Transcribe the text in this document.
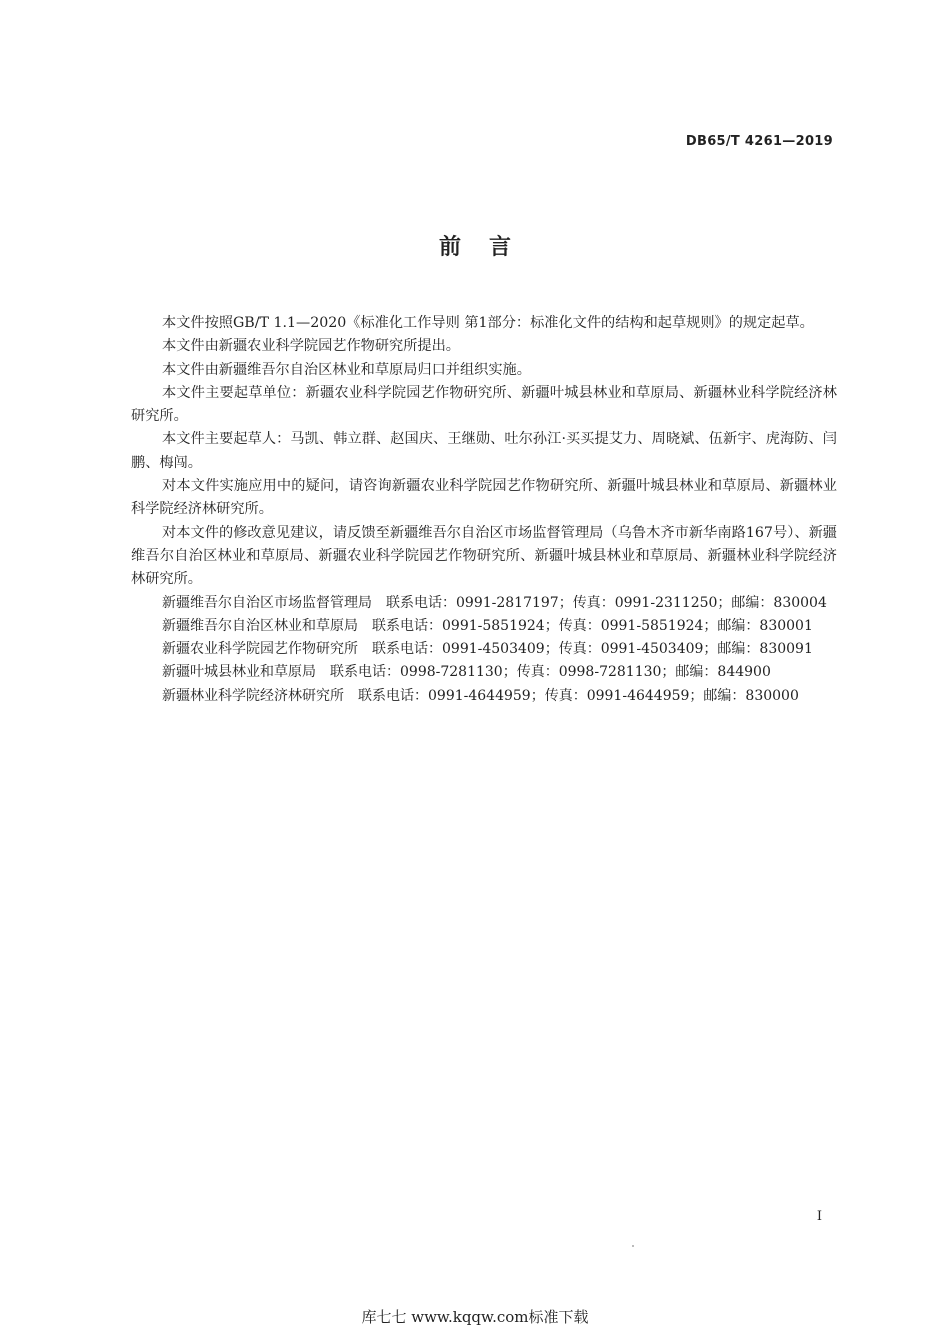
DB65/T 4261—2019
前言

本文件按照GB/T 1.1—2020《标准化工作导则 第1部分：标准化文件的结构和起草规则》的规定起草。

本文件由新疆农业科学院园艺作物研究所提出。

本文件由新疆维吾尔自治区林业和草原局归口并组织实施。

本文件主要起草单位：新疆农业科学院园艺作物研究所、新疆叶城县林业和草原局、新疆林业科学院经济林研究所。

本文件主要起草人：马凯、韩立群、赵国庆、王继勋、吐尔孙江·买买提艾力、周晓斌、伍新宇、虎海防、闫鹏、梅闯。

对本文件实施应用中的疑问，请咨询新疆农业科学院园艺作物研究所、新疆叶城县林业和草原局、新疆林业科学院经济林研究所。

对本文件的修改意见建议，请反馈至新疆维吾尔自治区市场监督管理局（乌鲁木齐市新华南路167号）、新疆维吾尔自治区林业和草原局、新疆农业科学院园艺作物研究所、新疆叶城县林业和草原局、新疆林业科学院经济林研究所。

新疆维吾尔自治区市场监督管理局　联系电话：0991-2817197；传真：0991-2311250；邮编：830004
新疆维吾尔自治区林业和草原局　联系电话：0991-5851924；传真：0991-5851924；邮编：830001
新疆农业科学院园艺作物研究所　联系电话：0991-4503409；传真：0991-4503409；邮编：830091
新疆叶城县林业和草原局　联系电话：0998-7281130；传真：0998-7281130；邮编：844900
新疆林业科学院经济林研究所　联系电话：0991-4644959；传真：0991-4644959；邮编：830000
I
库七七 www.kqqw.com标准下载
